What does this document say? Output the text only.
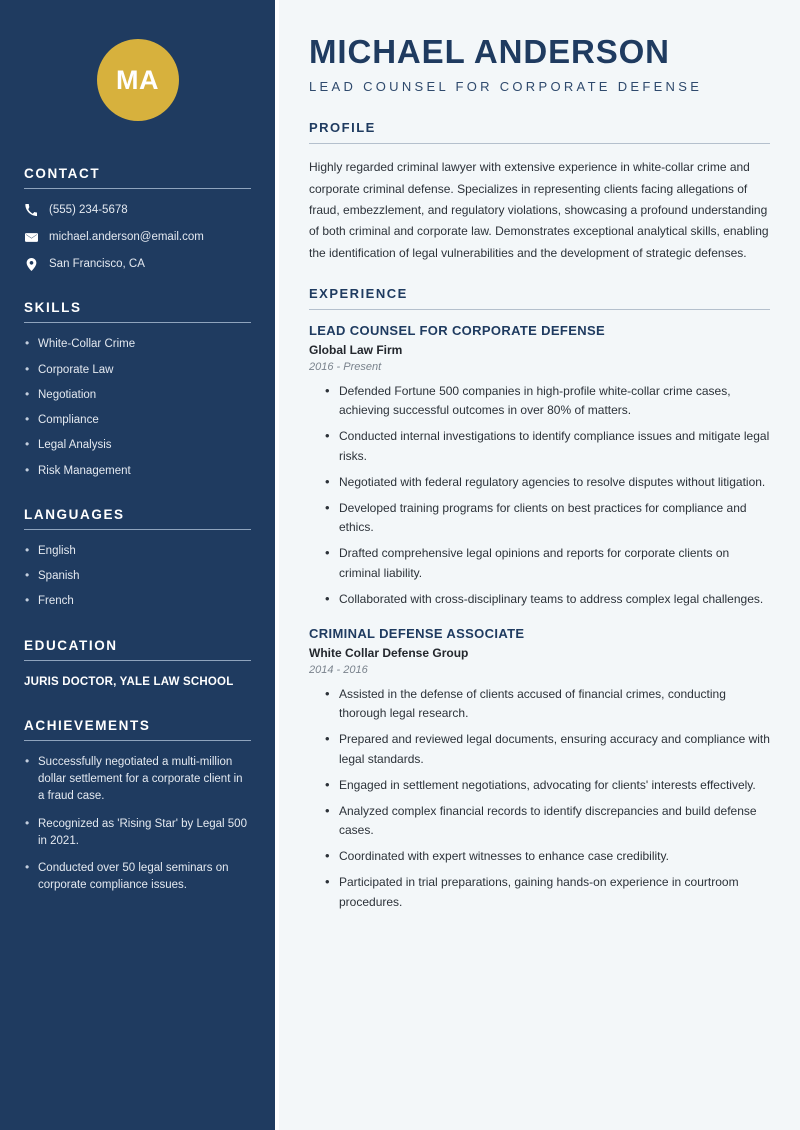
MA
CONTACT
(555) 234-5678
michael.anderson@email.com
San Francisco, CA
SKILLS
• White-Collar Crime
• Corporate Law
• Negotiation
• Compliance
• Legal Analysis
• Risk Management
LANGUAGES
• English
• Spanish
• French
EDUCATION
JURIS DOCTOR, YALE LAW SCHOOL
ACHIEVEMENTS
• Successfully negotiated a multi-million dollar settlement for a corporate client in a fraud case.
• Recognized as 'Rising Star' by Legal 500 in 2021.
• Conducted over 50 legal seminars on corporate compliance issues.
MICHAEL ANDERSON
LEAD COUNSEL FOR CORPORATE DEFENSE
PROFILE

Highly regarded criminal lawyer with extensive experience in white-collar crime and corporate criminal defense. Specializes in representing clients facing allegations of fraud, embezzlement, and regulatory violations, showcasing a profound understanding of both criminal and corporate law. Demonstrates exceptional analytical skills, enabling the identification of legal vulnerabilities and the development of strategic defenses.

EXPERIENCE
LEAD COUNSEL FOR CORPORATE DEFENSE
Global Law Firm
2016 - Present
• Defended Fortune 500 companies in high-profile white-collar crime cases, achieving successful outcomes in over 80% of matters.
• Conducted internal investigations to identify compliance issues and mitigate legal risks.
• Negotiated with federal regulatory agencies to resolve disputes without litigation.
• Developed training programs for clients on best practices for compliance and ethics.
• Drafted comprehensive legal opinions and reports for corporate clients on criminal liability.
• Collaborated with cross-disciplinary teams to address complex legal challenges.
CRIMINAL DEFENSE ASSOCIATE
White Collar Defense Group
2014 - 2016
• Assisted in the defense of clients accused of financial crimes, conducting thorough legal research.
• Prepared and reviewed legal documents, ensuring accuracy and compliance with legal standards.
• Engaged in settlement negotiations, advocating for clients' interests effectively.
• Analyzed complex financial records to identify discrepancies and build defense cases.
• Coordinated with expert witnesses to enhance case credibility.
• Participated in trial preparations, gaining hands-on experience in courtroom procedures.
